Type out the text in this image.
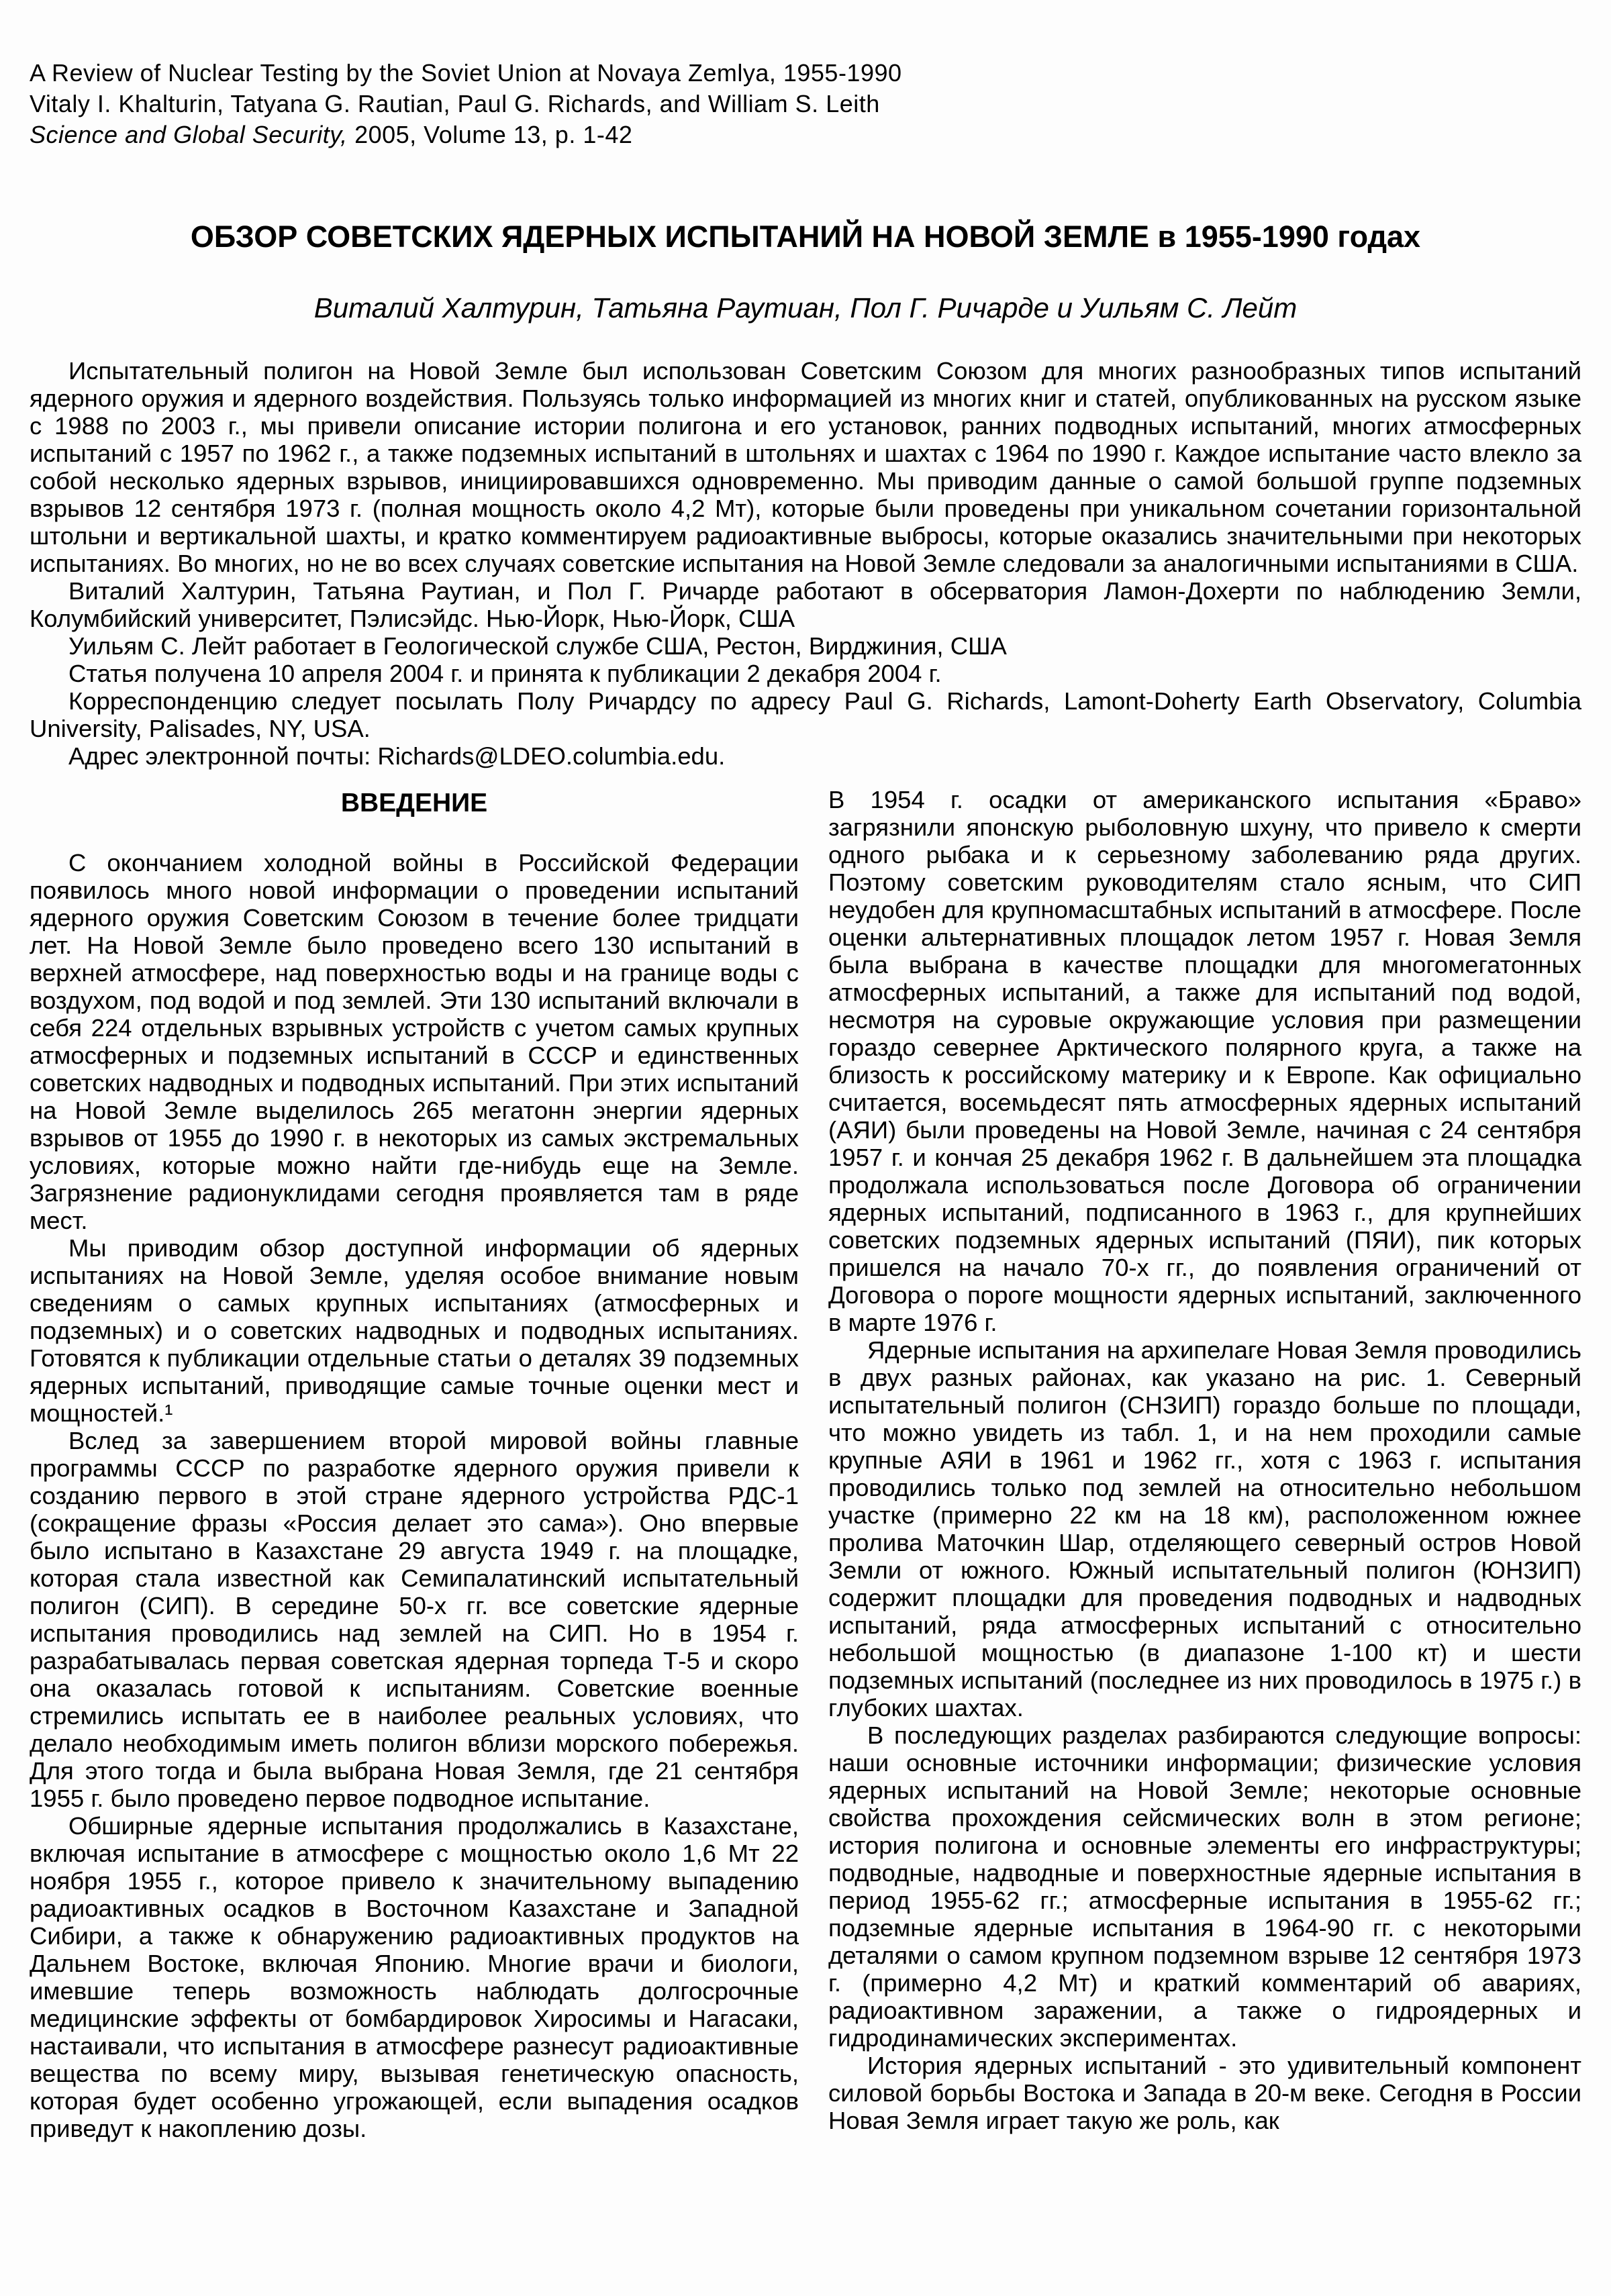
A Review of Nuclear Testing by the Soviet Union at Novaya Zemlya, 1955-1990
Vitaly I. Khalturin, Tatyana G. Rautian, Paul G. Richards, and William S. Leith
Science and Global Security, 2005, Volume 13, p. 1-42
ОБЗОР СОВЕТСКИХ ЯДЕРНЫХ ИСПЫТАНИЙ НА НОВОЙ ЗЕМЛЕ в 1955-1990 годах
Виталий Халтурин, Татьяна Раутиан, Пол Г. Ричарде и Уильям С. Лейт

Испытательный полигон на Новой Земле был использован Советским Союзом для многих разнообразных типов испытаний ядерного оружия и ядерного воздействия. Пользуясь только информацией из многих книг и статей, опубликованных на русском языке с 1988 по 2003 г., мы привели описание истории полигона и его установок, ранних подводных испытаний, многих атмосферных испытаний с 1957 по 1962 г., а также подземных испытаний в штольнях и шахтах с 1964 по 1990 г. Каждое испытание часто влекло за собой несколько ядерных взрывов, инициировавшихся одновременно. Мы приводим данные о самой большой группе подземных взрывов 12 сентября 1973 г. (полная мощность около 4,2 Мт), которые были проведены при уникальном сочетании горизонтальной штольни и вертикальной шахты, и кратко комментируем радиоактивные выбросы, которые оказались значительными при некоторых испытаниях. Во многих, но не во всех случаях советские испытания на Новой Земле следовали за аналогичными испытаниями в США.

Виталий Халтурин, Татьяна Раутиан, и Пол Г. Ричарде работают в обсерватория Ламон-Дохерти по наблюдению Земли, Колумбийский университет, Пэлисэйдс. Нью-Йорк, Нью-Йорк, США

Уильям С. Лейт работает в Геологической службе США, Рестон, Вирджиния, США

Статья получена 10 апреля 2004 г. и принята к публикации 2 декабря 2004 г.

Корреспонденцию следует посылать Полу Ричардсу по адресу Paul G. Richards, Lamont-Doherty Earth Observatory, Columbia University, Palisades, NY, USA.

Адрес электронной почты: Richards@LDEO.columbia.edu.

ВВЕДЕНИЕ

С окончанием холодной войны в Российской Федерации появилось много новой информации о проведении испытаний ядерного оружия Советским Союзом в течение более тридцати лет. На Новой Земле было проведено всего 130 испытаний в верхней атмосфере, над поверхностью воды и на границе воды с воздухом, под водой и под землей. Эти 130 испытаний включали в себя 224 отдельных взрывных устройств с учетом самых крупных атмосферных и подземных испытаний в СССР и единственных советских надводных и подводных испытаний. При этих испытаний на Новой Земле выделилось 265 мегатонн энергии ядерных взрывов от 1955 до 1990 г. в некоторых из самых экстремальных условиях, которые можно найти где-нибудь еще на Земле. Загрязнение радионуклидами сегодня проявляется там в ряде мест.

Мы приводим обзор доступной информации об ядерных испытаниях на Новой Земле, уделяя особое внимание новым сведениям о самых крупных испытаниях (атмосферных и подземных) и о советских надводных и подводных испытаниях. Готовятся к публикации отдельные статьи о деталях 39 подземных ядерных испытаний, приводящие самые точные оценки мест и мощностей.¹

Вслед за завершением второй мировой войны главные программы СССР по разработке ядерного оружия привели к созданию первого в этой стране ядерного устройства РДС-1 (сокращение фразы «Россия делает это сама»). Оно впервые было испытано в Казахстане 29 августа 1949 г. на площадке, которая стала известной как Семипалатинский испытательный полигон (СИП). В середине 50-х гг. все советские ядерные испытания проводились над землей на СИП. Но в 1954 г. разрабатывалась первая советская ядерная торпеда Т-5 и скоро она оказалась готовой к испытаниям. Советские военные стремились испытать ее в наиболее реальных условиях, что делало необходимым иметь полигон вблизи морского побережья. Для этого тогда и была выбрана Новая Земля, где 21 сентября 1955 г. было проведено первое подводное испытание.

Обширные ядерные испытания продолжались в Казахстане, включая испытание в атмосфере с мощностью около 1,6 Мт 22 ноября 1955 г., которое привело к значительному выпадению радиоактивных осадков в Восточном Казахстане и Западной Сибири, а также к обнаружению радиоактивных продуктов на Дальнем Востоке, включая Японию. Многие врачи и биологи, имевшие теперь возможность наблюдать долгосрочные медицинские эффекты от бомбардировок Хиросимы и Нагасаки, настаивали, что испытания в атмосфере разнесут радиоактивные вещества по всему миру, вызывая генетическую опасность, которая будет особенно угрожающей, если выпадения осадков приведут к накоплению дозы.

В 1954 г. осадки от американского испытания «Браво» загрязнили японскую рыболовную шхуну, что привело к смерти одного рыбака и к серьезному заболеванию ряда других. Поэтому советским руководителям стало ясным, что СИП неудобен для крупномасштабных испытаний в атмосфере. После оценки альтернативных площадок летом 1957 г. Новая Земля была выбрана в качестве площадки для многомегатонных атмосферных испытаний, а также для испытаний под водой, несмотря на суровые окружающие условия при размещении гораздо севернее Арктического полярного круга, а также на близость к российскому материку и к Европе. Как официально считается, восемьдесят пять атмосферных ядерных испытаний (АЯИ) были проведены на Новой Земле, начиная с 24 сентября 1957 г. и кончая 25 декабря 1962 г. В дальнейшем эта площадка продолжала использоваться после Договора об ограничении ядерных испытаний, подписанного в 1963 г., для крупнейших советских подземных ядерных испытаний (ПЯИ), пик которых пришелся на начало 70-х гг., до появления ограничений от Договора о пороге мощности ядерных испытаний, заключенного в марте 1976 г.

Ядерные испытания на архипелаге Новая Земля проводились в двух разных районах, как указано на рис. 1. Северный испытательный полигон (СНЗИП) гораздо больше по площади, что можно увидеть из табл. 1, и на нем проходили самые крупные АЯИ в 1961 и 1962 гг., хотя с 1963 г. испытания проводились только под землей на относительно небольшом участке (примерно 22 км на 18 км), расположенном южнее пролива Маточкин Шар, отделяющего северный остров Новой Земли от южного. Южный испытательный полигон (ЮНЗИП) содержит площадки для проведения подводных и надводных испытаний, ряда атмосферных испытаний с относительно небольшой мощностью (в диапазоне 1-100 кт) и шести подземных испытаний (последнее из них проводилось в 1975 г.) в глубоких шахтах.

В последующих разделах разбираются следующие вопросы: наши основные источники информации; физические условия ядерных испытаний на Новой Земле; некоторые основные свойства прохождения сейсмических волн в этом регионе; история полигона и основные элементы его инфраструктуры; подводные, надводные и поверхностные ядерные испытания в период 1955-62 гг.; атмосферные испытания в 1955-62 гг.; подземные ядерные испытания в 1964-90 гг. с некоторыми деталями о самом крупном подземном взрыве 12 сентября 1973 г. (примерно 4,2 Мт) и краткий комментарий об авариях, радиоактивном заражении, а также о гидроядерных и гидродинамических экспериментах.

История ядерных испытаний - это удивительный компонент силовой борьбы Востока и Запада в 20-м веке. Сегодня в России Новая Земля играет такую же роль, как
